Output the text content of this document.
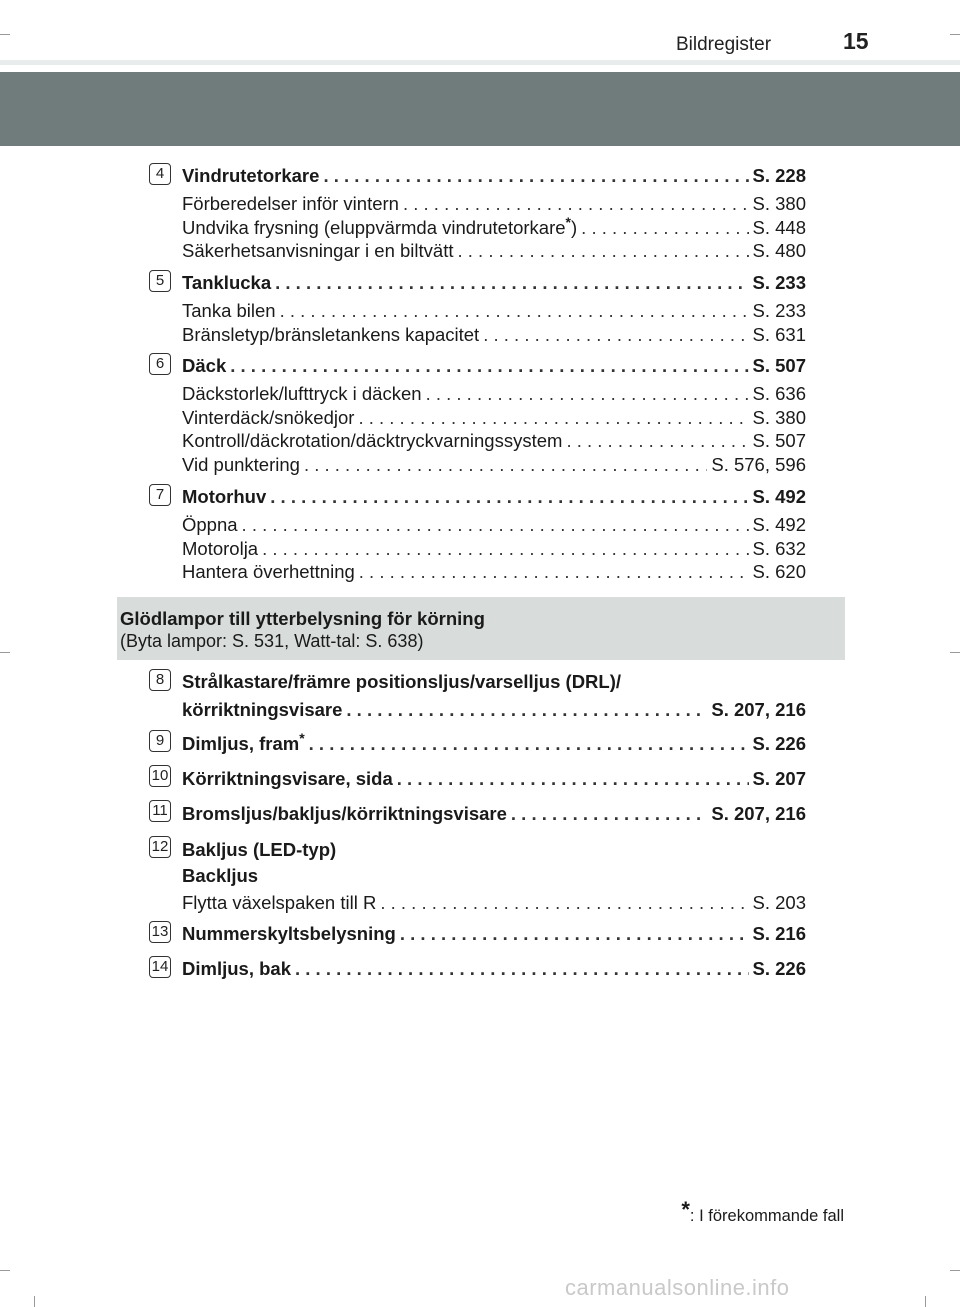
Bildregister	15
4 Vindrutetorkare . . .	S. 228
Förberedelser inför vintern . . .	S. 380
Undvika frysning (eluppvärmda vindrutetorkare*) . . .	S. 448
Säkerhetsanvisningar i en biltvätt . . .	S. 480
5 Tanklucka . . .	S. 233
Tanka bilen . . .	S. 233
Bränsletyp/bränsletankens kapacitet . . .	S. 631
6 Däck . . .	S. 507
Däckstorlek/lufttryck i däcken . . .	S. 636
Vinterdäck/snökedjor . . .	S. 380
Kontroll/däckrotation/däcktryckvarningssystem . . .	S. 507
Vid punktering . . .	S. 576, 596
7 Motorhuv . . .	S. 492
Öppna . . .	S. 492
Motorolja . . .	S. 632
Hantera överhettning . . .	S. 620
Glödlampor till ytterbelysning för körning
(Byta lampor: S. 531, Watt-tal: S. 638)
8 Strålkastare/främre positionsljus/varselljus (DRL)/
körriktningsvisare . . .	S. 207, 216
9 Dimljus, fram* . . .	S. 226
10 Körriktningsvisare, sida . . .	S. 207
11 Bromsljus/bakljus/körriktningsvisare . . .	S. 207, 216
12 Bakljus (LED-typ)
Backljus
Flytta växelspaken till R . . .	S. 203
13 Nummerskyltsbelysning . . .	S. 216
14 Dimljus, bak . . .	S. 226
*: I förekommande fall
carmanualsonline.info
